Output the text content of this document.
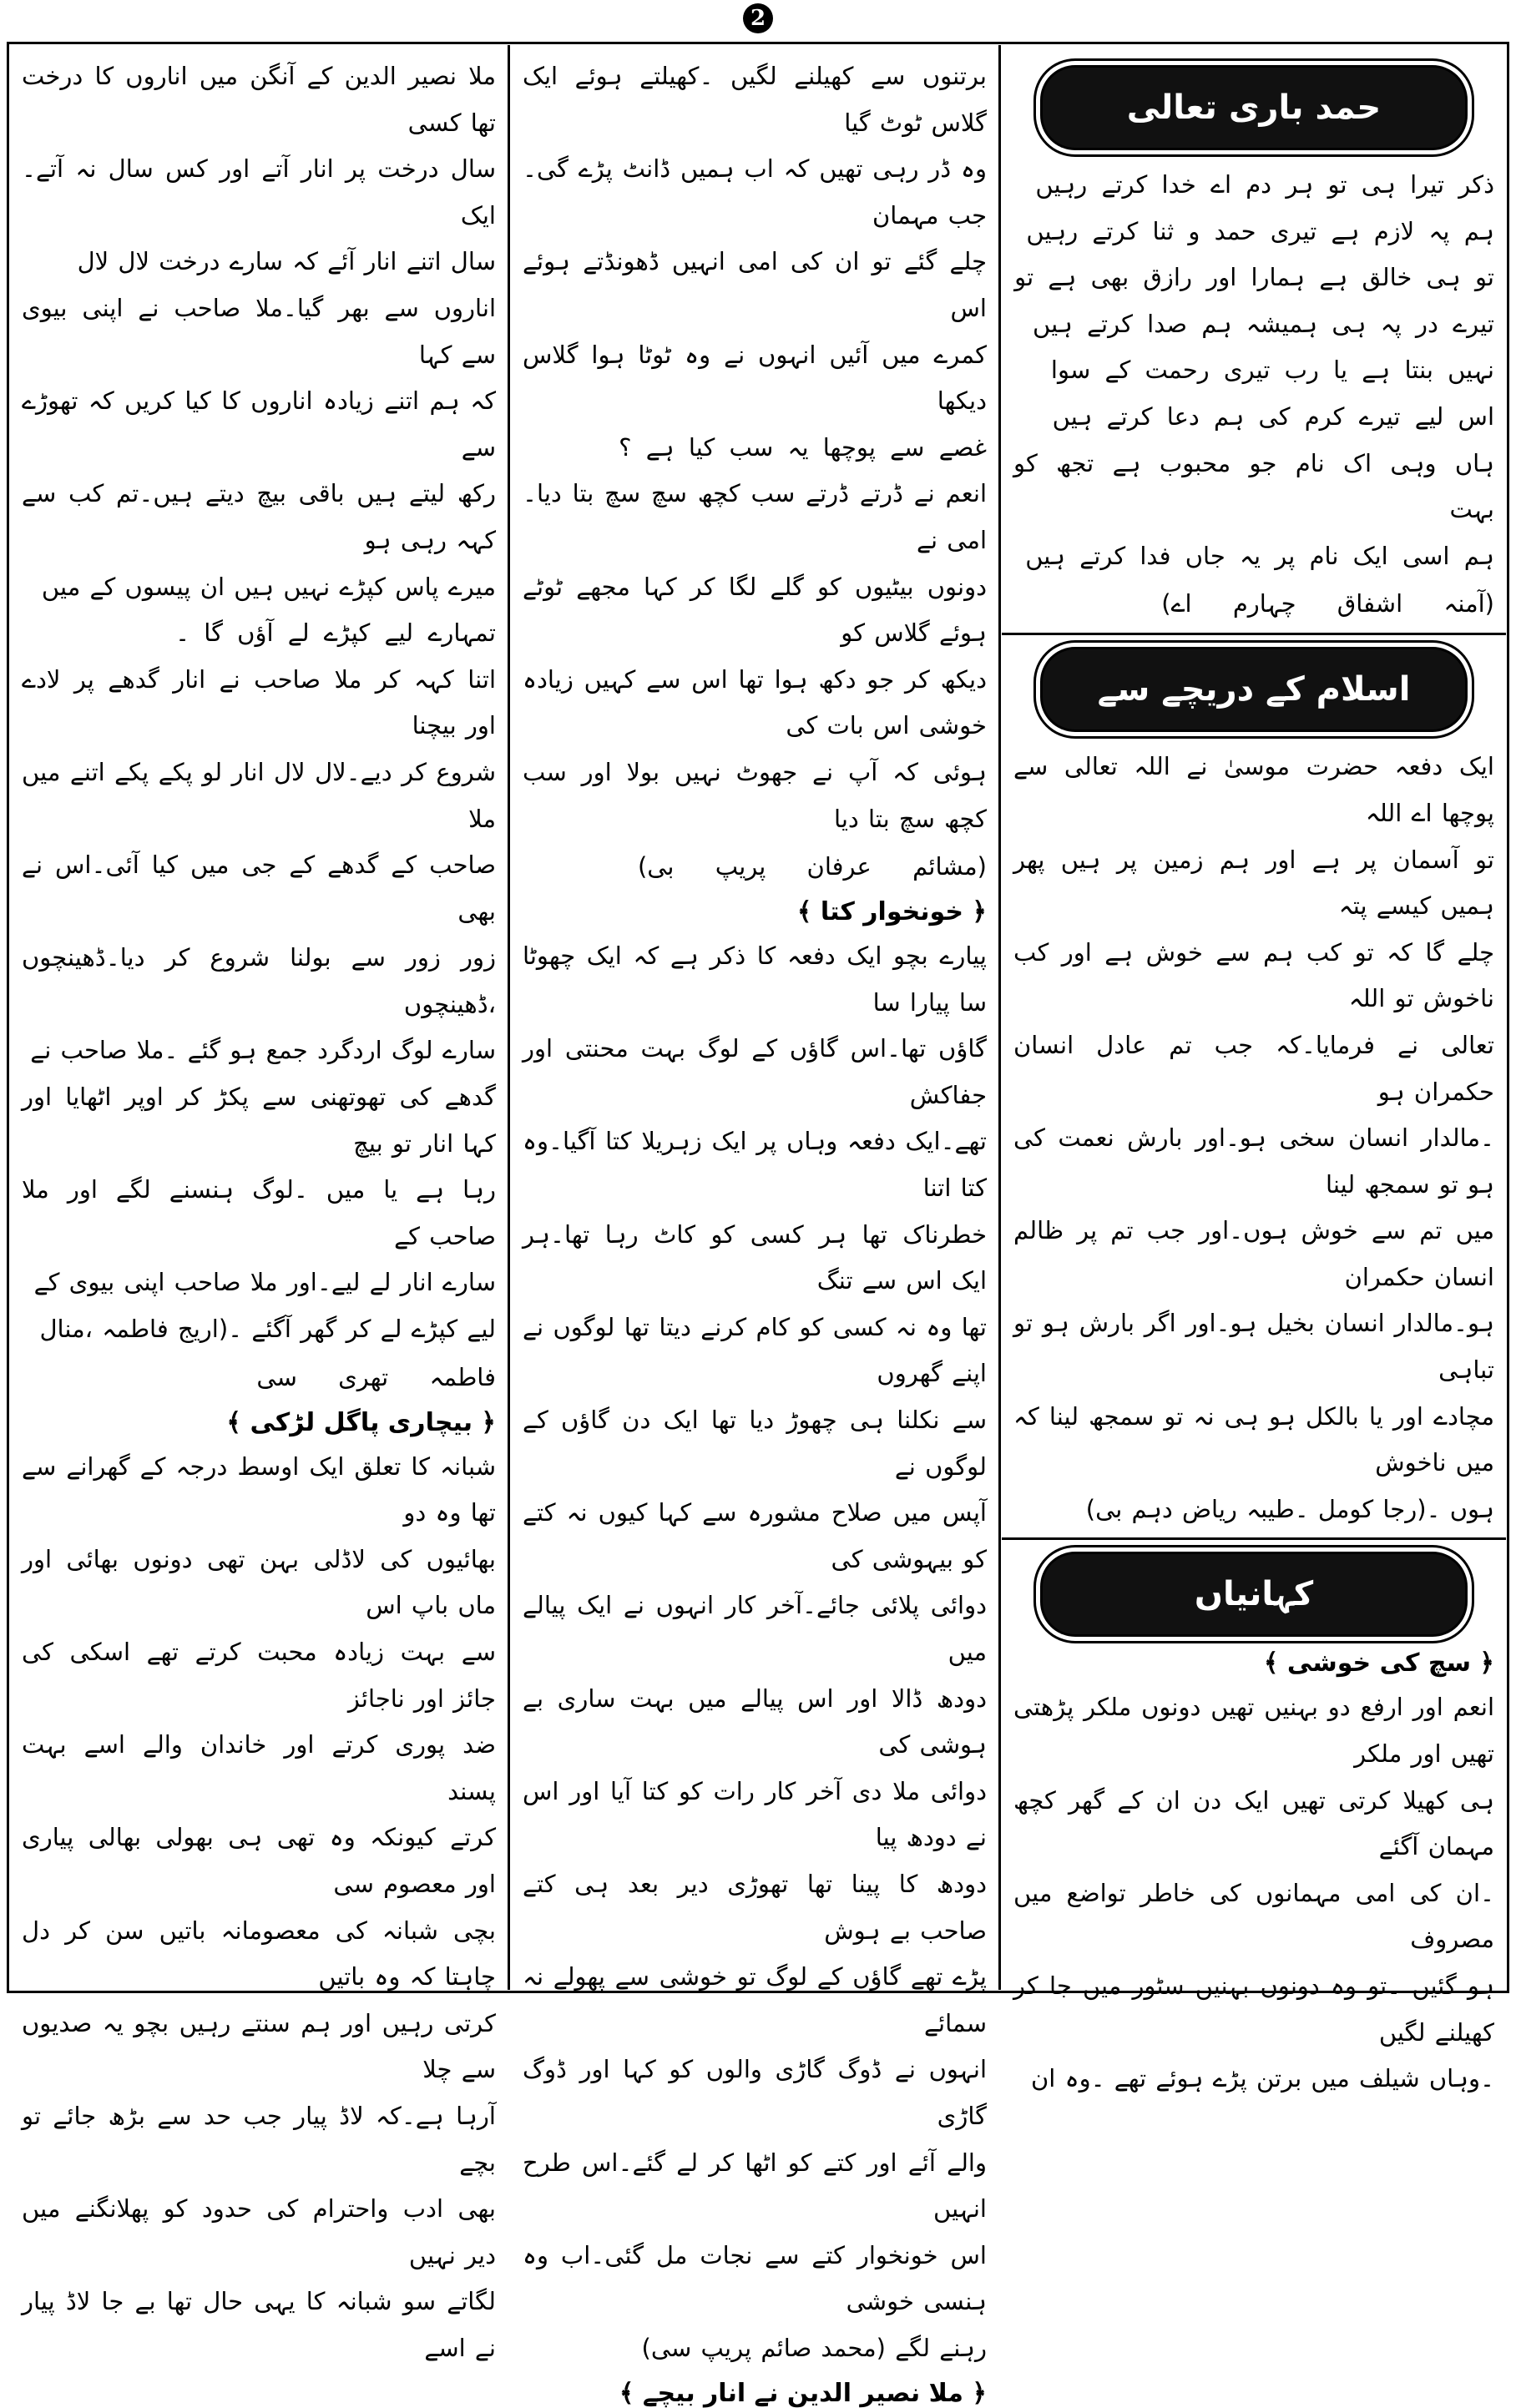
2
حمد باری تعالی

ذکر تیرا ہی تو ہر دم اے خدا کرتے رہیں

ہم پہ لازم ہے تیری حمد و ثنا کرتے رہیں

تو ہی خالق ہے ہمارا اور رازق بھی ہے تو

تیرے در پہ ہی ہمیشہ ہم صدا کرتے ہیں

نہیں بنتا ہے یا رب تیری رحمت کے سوا

اس لیے تیرے کرم کی ہم دعا کرتے ہیں

ہاں وہی اک نام جو محبوب ہے تجھ کو بہت

ہم اسی ایک نام پر یہ جاں فدا کرتے ہیں

(آمنہ اشفاق چہارم اے)

اسلام کے دریچے سے

ایک دفعہ حضرت موسیٰ نے اللہ تعالی سے پوچھا اے اللہ

تو آسمان پر ہے اور ہم زمین پر ہیں پھر ہمیں کیسے پتہ

چلے گا کہ تو کب ہم سے خوش ہے اور کب ناخوش تو اللہ

تعالی نے فرمایا۔کہ جب تم عادل انسان حکمران ہو

۔مالدار انسان سخی ہو۔اور بارش نعمت کی ہو تو سمجھ لینا

میں تم سے خوش ہوں۔اور جب تم پر ظالم انسان حکمران

ہو۔مالدار انسان بخیل ہو۔اور اگر بارش ہو تو تباہی

مچادے اور یا بالکل ہو ہی نہ تو سمجھ لینا کہ میں ناخوش

ہوں ۔(رجا کومل ۔طیبہ ریاض دہم بی)

کہانیاں
﴿ سچ کی خوشی ﴾

انعم اور ارفع دو بہنیں تھیں دونوں ملکر پڑھتی تھیں اور ملکر

ہی کھیلا کرتی تھیں ایک دن ان کے گھر کچھ مہمان آگئے

۔ان کی امی مہمانوں کی خاطر تواضع میں مصروف

ہو گئیں ۔تو وہ دونوں بہنیں سٹور میں جا کر کھیلنے لگیں

۔وہاں شیلف میں برتن پڑے ہوئے تھے ۔وہ ان

برتنوں سے کھیلنے لگیں ۔کھیلتے ہوئے ایک گلاس ٹوٹ گیا

وہ ڈر رہی تھیں کہ اب ہمیں ڈانٹ پڑے گی۔جب مہمان

چلے گئے تو ان کی امی انہیں ڈھونڈتے ہوئے اس

کمرے میں آئیں انہوں نے وہ ٹوٹا ہوا گلاس دیکھا

غصے سے پوچھا یہ سب کیا ہے ؟

انعم نے ڈرتے ڈرتے سب کچھ سچ سچ بتا دیا۔امی نے

دونوں بیٹیوں کو گلے لگا کر کہا مجھے ٹوٹے ہوئے گلاس کو

دیکھ کر جو دکھ ہوا تھا اس سے کہیں زیادہ خوشی اس بات کی

ہوئی کہ آپ نے جھوٹ نہیں بولا اور سب کچھ سچ بتا دیا

(مشائم عرفان پریپ بی)

﴿ خونخوار کتا ﴾

پیارے بچو ایک دفعہ کا ذکر ہے کہ ایک چھوٹا سا پیارا سا

گاؤں تھا۔اس گاؤں کے لوگ بہت محنتی اور جفاکش

تھے۔ایک دفعہ وہاں پر ایک زہریلا کتا آگیا۔وہ کتا اتنا

خطرناک تھا ہر کسی کو کاٹ رہا تھا۔ہر ایک اس سے تنگ

تھا وہ نہ کسی کو کام کرنے دیتا تھا لوگوں نے اپنے گھروں

سے نکلنا ہی چھوڑ دیا تھا ایک دن گاؤں کے لوگوں نے

آپس میں صلاح مشورہ سے کہا کیوں نہ کتے کو بیہوشی کی

دوائی پلائی جائے۔آخر کار انہوں نے ایک پیالے میں

دودھ ڈالا اور اس پیالے میں بہت ساری بے ہوشی کی

دوائی ملا دی آخر کار رات کو کتا آیا اور اس نے دودھ پیا

دودھ کا پینا تھا تھوڑی دیر بعد ہی کتے صاحب بے ہوش

پڑے تھے گاؤں کے لوگ تو خوشی سے پھولے نہ سمائے

انہوں نے ڈوگ گاڑی والوں کو کہا اور ڈوگ گاڑی

والے آئے اور کتے کو اٹھا کر لے گئے۔اس طرح انہیں

اس خونخوار کتے سے نجات مل گئی۔اب وہ ہنسی خوشی

رہنے لگے (محمد صائم پریپ سی)

﴿ ملا نصیر الدین نے انار بیچے ﴾

ملا نصیر الدین کے آنگن میں اناروں کا درخت تھا کسی

سال درخت پر انار آتے اور کس سال نہ آتے۔ایک

سال اتنے انار آئے کہ سارے درخت لال لال

اناروں سے بھر گیا۔ملا صاحب نے اپنی بیوی سے کہا

کہ ہم اتنے زیادہ اناروں کا کیا کریں کہ تھوڑے سے

رکھ لیتے ہیں باقی بیچ دیتے ہیں۔تم کب سے کہہ رہی ہو

میرے پاس کپڑے نہیں ہیں ان پیسوں کے میں

تمہارے لیے کپڑے لے آؤں گا ۔

اتنا کہہ کر ملا صاحب نے انار گدھے پر لادے اور بیچنا

شروع کر دیے۔لال لال انار لو پکے پکے اتنے میں ملا

صاحب کے گدھے کے جی میں کیا آئی۔اس نے بھی

زور زور سے بولنا شروع کر دیا۔ڈھینچوں ،ڈھینچوں

سارے لوگ اردگرد جمع ہو گئے ۔ملا صاحب نے

گدھے کی تھوتھنی سے پکڑ کر اوپر اٹھایا اور کہا انار تو بیچ

رہا ہے یا میں ۔لوگ ہنسنے لگے اور ملا صاحب کے

سارے انار لے لیے۔اور ملا صاحب اپنی بیوی کے

لیے کپڑے لے کر گھر آگئے ۔(اریج فاطمہ ،منال

فاطمہ تھری سی

﴿ بیچاری پاگل لڑکی ﴾

شبانہ کا تعلق ایک اوسط درجہ کے گھرانے سے تھا وہ دو

بھائیوں کی لاڈلی بہن تھی دونوں بھائی اور ماں باپ اس

سے بہت زیادہ محبت کرتے تھے اسکی کی جائز اور ناجائز

ضد پوری کرتے اور خاندان والے اسے بہت پسند

کرتے کیونکہ وہ تھی ہی بھولی بھالی پیاری اور معصوم سی

بچی شبانہ کی معصومانہ باتیں سن کر دل چاہتا کہ وہ باتیں

کرتی رہیں اور ہم سنتے رہیں بچو یہ صدیوں سے چلا

آرہا ہے۔کہ لاڈ پیار جب حد سے بڑھ جائے تو بچے

بھی ادب واحترام کی حدود کو پھلانگنے میں دیر نہیں

لگاتے سو شبانہ کا یہی حال تھا بے جا لاڈ پیار نے اسے
